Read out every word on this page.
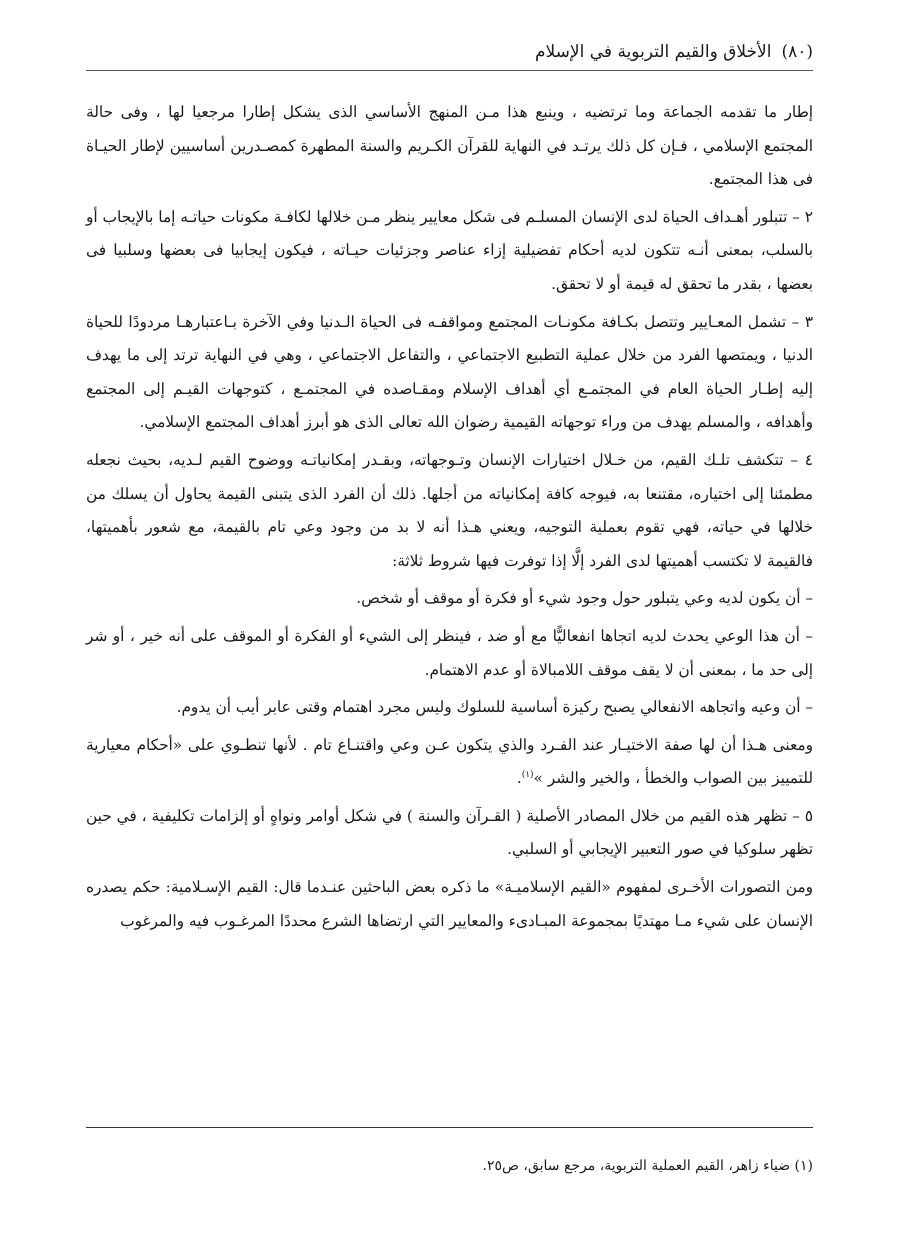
(٨٠)
الأخلاق والقيم التربوية في الإسلام

إطار ما تقدمه الجماعة وما ترتضيه ، وينبع هذا مـن المنهج الأساسي الذى يشكل إطارا مرجعيا لها ، وفى حالة المجتمع الإسلامي ، فـإن كل ذلك يرتـد في النهاية للقرآن الكـريم والسنة المطهرة كمصـدرين أساسيين لإطار الحيـاة فى هذا المجتمع.

٢ – تتبلور أهـداف الحياة لدى الإنسان المسلـم فى شكل معايير ينظر مـن خلالها لكافـة مكونات حياتـه إما بالإيجاب أو بالسلب، بمعنى أنـه تتكون لديه أحكام تفضيلية إزاء عناصر وجزئيات حيـاته ، فيكون إيجابيا فى بعضها وسلبيا فى بعضها ، بقدر ما تحقق له قيمة أو لا تحقق.

٣ – تشمل المعـايير وتتصل بكـافة مكونـات المجتمع ومواقفـه فى الحياة الـدنيا وفي الآخرة بـاعتبارهـا مردودًا للحياة الدنيا ، ويمتصها الفرد من خلال عملية التطبيع الاجتماعي ، والتفاعل الاجتماعي ، وهي في النهاية ترتد إلى ما يهدف إليه إطـار الحياة العام في المجتمـع أي أهداف الإسلام ومقـاصده في المجتمـع ، كتوجهات القيـم إلى المجتمع وأهدافه ، والمسلم يهدف من وراء توجهاته القيمية رضوان الله تعالى الذى هو أبرز أهداف المجتمع الإسلامي.

٤ – تتكشف تلـك القيم، من خـلال اختيارات الإنسان وتـوجهاته، وبقـدر إمكانياتـه ووضوح القيم لـديه، بحيث نجعله مطمئنا إلى اختياره، مقتنعا به، فيوجه كافة إمكانياته من أجلها. ذلك أن الفرد الذى يتبنى القيمة يحاول أن يسلك من خلالها في حياته، فهي تقوم بعملية التوجيه، ويعني هـذا أنه لا بد من وجود وعي تام بالقيمة، مع شعور بأهميتها، فالقيمة لا تكتسب أهميتها لدى الفرد إلَّا إذا توفرت فيها شروط ثلاثة:

– أن يكون لديه وعي يتبلور حول وجود شيء أو فكرة أو موقف أو شخص.

– أن هذا الوعي يحدث لديه اتجاها انفعاليًّا مع أو ضد ، فينظر إلى الشيء أو الفكرة أو الموقف على أنه خير ، أو شر إلى حد ما ، بمعنى أن لا يقف موقف اللامبالاة أو عدم الاهتمام.

– أن وعيه واتجاهه الانفعالي يصبح ركيزة أساسية للسلوك وليس مجرد اهتمام وقتى عابر أيب أن يدوم.

ومعنى هـذا أن لها صفة الاختيـار عند الفـرد والذي يتكون عـن وعي واقتنـاع تام . لأنها تنطـوي على «أحكام معيارية للتمييز بين الصواب والخطأ ، والخير والشر »$^{(١)}$.

٥ – تظهر هذه القيم من خلال المصادر الأصلية ( القـرآن والسنة ) في شكل أوامر ونواهٍ أو إلزامات تكليفية ، في حين تظهر سلوكيا في صور التعبير الإيجابي أو السلبي.

ومن التصورات الأخـرى لمفهوم «القيم الإسلاميـة» ما ذكره بعض الباحثين عنـدما قال: القيم الإسـلامية: حكم يصدره الإنسان على شيء مـا مهتديًا بمجموعة المبـادىء والمعايير التي ارتضاها الشرع محددًا المرغـوب فيه والمرغوب

(١) ضياء زاهر، القيم العملية التربوية، مرجع سابق، ص٢٥.
